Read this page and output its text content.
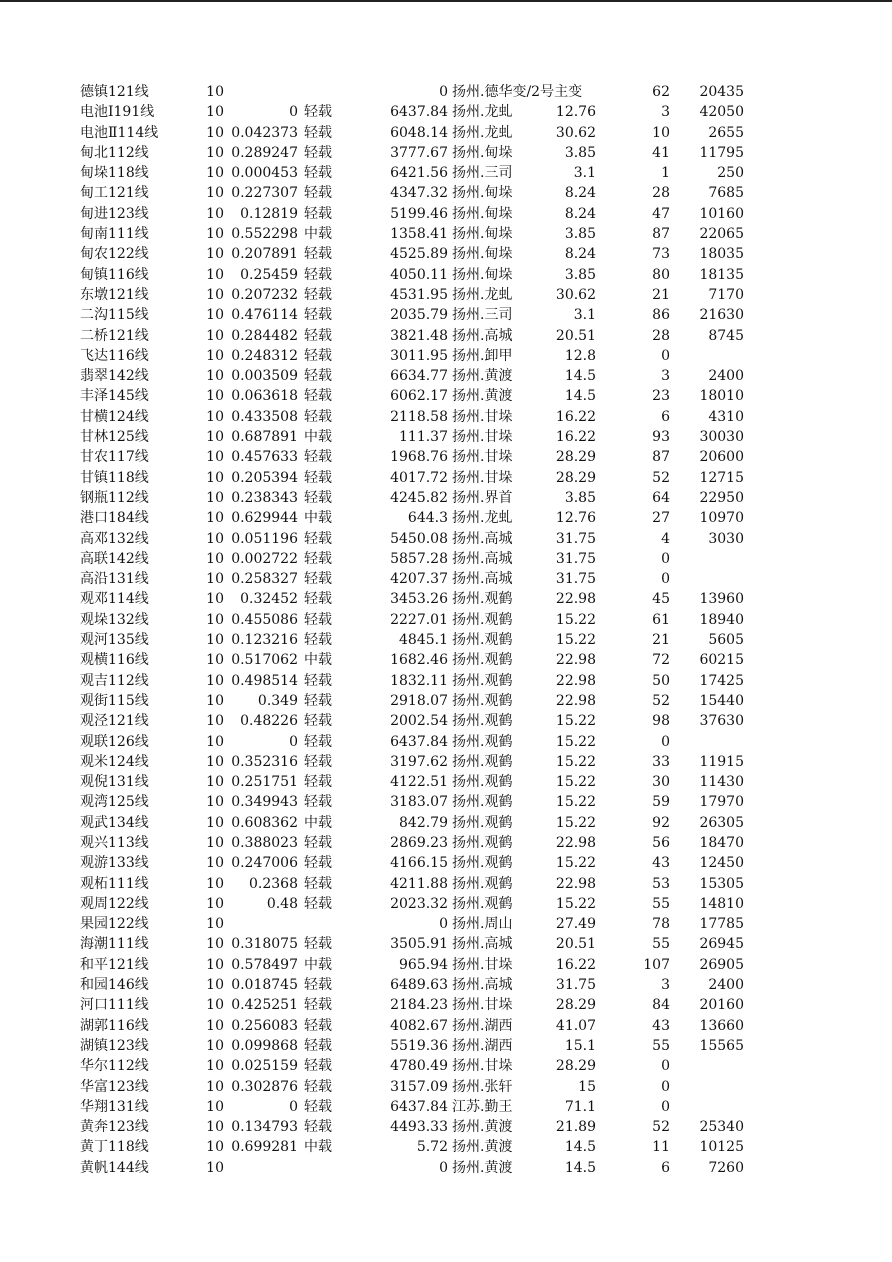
德镇121线	10	0 扬州.德华变/2号主变	62	20435
电池Ⅰ191线	10	0 轻载	6437.84 扬州.龙虬	12.76	3	42050
电池Ⅱ114线	10 0.042373 轻载	6048.14 扬州.龙虬	30.62	10	2655
甸北112线	10 0.289247 轻载	3777.67 扬州.甸垛	3.85	41	11795
甸垛118线	10 0.000453 轻载	6421.56 扬州.三司	3.1	1	250
甸工121线	10 0.227307 轻载	4347.32 扬州.甸垛	8.24	28	7685
甸进123线	10	0.12819 轻载	5199.46 扬州.甸垛	8.24	47	10160
甸南111线	10 0.552298 中载	1358.41 扬州.甸垛	3.85	87	22065
甸农122线	10 0.207891 轻载	4525.89 扬州.甸垛	8.24	73	18035
甸镇116线	10	0.25459 轻载	4050.11 扬州.甸垛	3.85	80	18135
东墩121线	10 0.207232 轻载	4531.95 扬州.龙虬	30.62	21	7170
二沟115线	10 0.476114 轻载	2035.79 扬州.三司	3.1	86	21630
二桥121线	10 0.284482 轻载	3821.48 扬州.高城	20.51	28	8745
飞达116线	10 0.248312 轻载	3011.95 扬州.卸甲	12.8	0
翡翠142线	10 0.003509 轻载	6634.77 扬州.黄渡	14.5	3	2400
丰泽145线	10 0.063618 轻载	6062.17 扬州.黄渡	14.5	23	18010
甘横124线	10 0.433508 轻载	2118.58 扬州.甘垛	16.22	6	4310
甘林125线	10 0.687891 中载	111.37 扬州.甘垛	16.22	93	30030
甘农117线	10 0.457633 轻载	1968.76 扬州.甘垛	28.29	87	20600
甘镇118线	10 0.205394 轻载	4017.72 扬州.甘垛	28.29	52	12715
钢瓶112线	10 0.238343 轻载	4245.82 扬州.界首	3.85	64	22950
港口184线	10 0.629944 中载	644.3 扬州.龙虬	12.76	27	10970
高邓132线	10 0.051196 轻载	5450.08 扬州.高城	31.75	4	3030
高联142线	10 0.002722 轻载	5857.28 扬州.高城	31.75	0
高沿131线	10 0.258327 轻载	4207.37 扬州.高城	31.75	0
观邓114线	10	0.32452 轻载	3453.26 扬州.观鹤	22.98	45	13960
观垛132线	10 0.455086 轻载	2227.01 扬州.观鹤	15.22	61	18940
观河135线	10 0.123216 轻载	4845.1 扬州.观鹤	15.22	21	5605
观横116线	10 0.517062 中载	1682.46 扬州.观鹤	22.98	72	60215
观吉112线	10 0.498514 轻载	1832.11 扬州.观鹤	22.98	50	17425
观街115线	10	0.349 轻载	2918.07 扬州.观鹤	22.98	52	15440
观泾121线	10	0.48226 轻载	2002.54 扬州.观鹤	15.22	98	37630
观联126线	10	0 轻载	6437.84 扬州.观鹤	15.22	0
观米124线	10 0.352316 轻载	3197.62 扬州.观鹤	15.22	33	11915
观倪131线	10 0.251751 轻载	4122.51 扬州.观鹤	15.22	30	11430
观湾125线	10 0.349943 轻载	3183.07 扬州.观鹤	15.22	59	17970
观武134线	10 0.608362 中载	842.79 扬州.观鹤	15.22	92	26305
观兴113线	10 0.388023 轻载	2869.23 扬州.观鹤	22.98	56	18470
观游133线	10 0.247006 轻载	4166.15 扬州.观鹤	15.22	43	12450
观柘111线	10	0.2368 轻载	4211.88 扬州.观鹤	22.98	53	15305
观周122线	10	0.48 轻载	2023.32 扬州.观鹤	15.22	55	14810
果园122线	10	0 扬州.周山	27.49	78	17785
海潮111线	10 0.318075 轻载	3505.91 扬州.高城	20.51	55	26945
和平121线	10 0.578497 中载	965.94 扬州.甘垛	16.22	107	26905
和园146线	10 0.018745 轻载	6489.63 扬州.高城	31.75	3	2400
河口111线	10 0.425251 轻载	2184.23 扬州.甘垛	28.29	84	20160
湖郭116线	10 0.256083 轻载	4082.67 扬州.湖西	41.07	43	13660
湖镇123线	10 0.099868 轻载	5519.36 扬州.湖西	15.1	55	15565
华尔112线	10 0.025159 轻载	4780.49 扬州.甘垛	28.29	0
华富123线	10 0.302876 轻载	3157.09 扬州.张轩	15	0
华翔131线	10	0 轻载	6437.84 江苏.勤王	71.1	0
黄奔123线	10 0.134793 轻载	4493.33 扬州.黄渡	21.89	52	25340
黄丁118线	10 0.699281 中载	5.72 扬州.黄渡	14.5	11	10125
黄帆144线	10	0 扬州.黄渡	14.5	6	7260
